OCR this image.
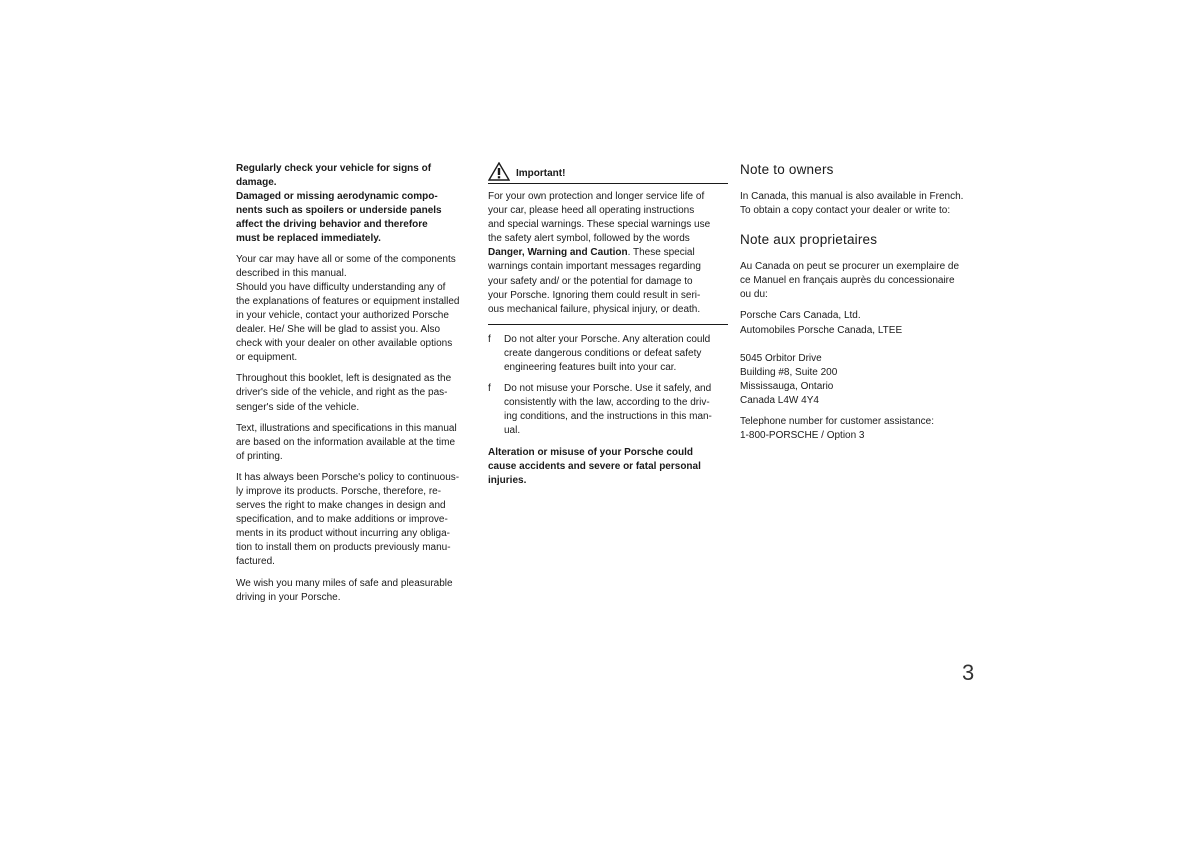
Regularly check your vehicle for signs of
damage.
Damaged or missing aerodynamic compo-
nents such as spoilers or underside panels
affect the driving behavior and therefore
must be replaced immediately.

Your car may have all or some of the components
described in this manual.
Should you have difficulty understanding any of
the explanations of features or equipment installed
in your vehicle, contact your authorized Porsche
dealer. He/ She will be glad to assist you. Also
check with your dealer on other available options
or equipment.

Throughout this booklet, left is designated as the
driver's side of the vehicle, and right as the pas-
senger's side of the vehicle.

Text, illustrations and specifications in this manual
are based on the information available at the time
of printing.

It has always been Porsche's policy to continuous-
ly improve its products. Porsche, therefore, re-
serves the right to make changes in design and
specification, and to make additions or improve-
ments in its product without incurring any obliga-
tion to install them on products previously manu-
factured.

We wish you many miles of safe and pleasurable
driving in your Porsche.

Important!

For your own protection and longer service life of
your car, please heed all operating instructions
and special warnings. These special warnings use
the safety alert symbol, followed by the words
Danger, Warning and Caution. These special
warnings contain important messages regarding
your safety and/ or the potential for damage to
your Porsche. Ignoring them could result in seri-
ous mechanical failure, physical injury, or death.

f	Do not alter your Porsche. Any alteration could
create dangerous conditions or defeat safety
engineering features built into your car.
f	Do not misuse your Porsche. Use it safely, and
consistently with the law, according to the driv-
ing conditions, and the instructions in this man-
ual.
Alteration or misuse of your Porsche could
cause accidents and severe or fatal personal
injuries.
Note to owners

In Canada, this manual is also available in French.
To obtain a copy contact your dealer or write to:

Note aux proprietaires

Au Canada on peut se procurer un exemplaire de
ce Manuel en français auprès du concessionaire
ou du:

Porsche Cars Canada, Ltd.
Automobiles Porsche Canada, LTEE

5045 Orbitor Drive
Building #8, Suite 200
Mississauga, Ontario
Canada L4W 4Y4

Telephone number for customer assistance:
1-800-PORSCHE / Option 3

3
